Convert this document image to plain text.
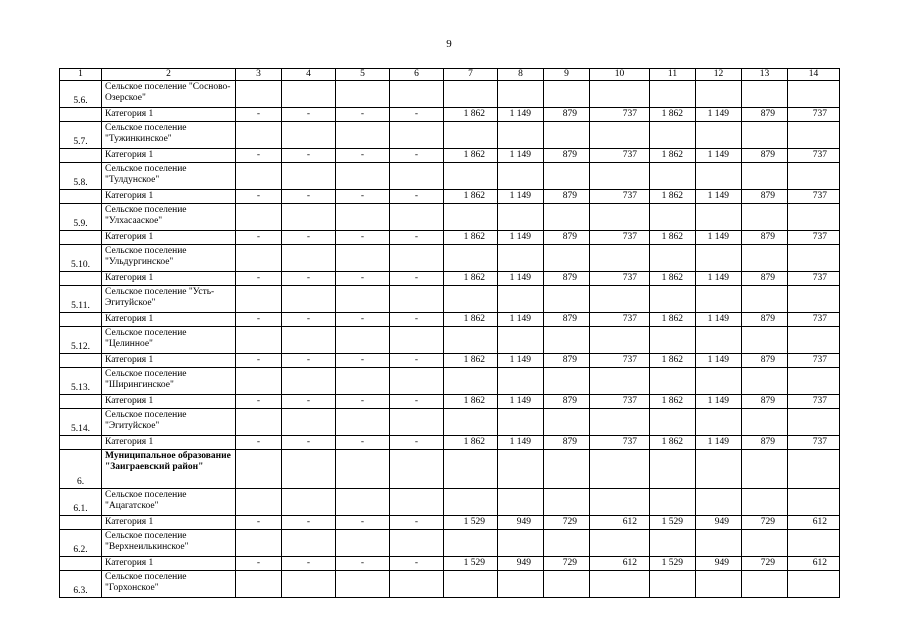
9
1	2	3	4	5	6	7	8	9	10	11	12	13	14
5.6.	Сельское поселение "Сосново-Озерское"												
	Категория 1	-	-	-	-	1 862	1 149	879	737	1 862	1 149	879	737
5.7.	Сельское поселение "Тужинкинское"												
	Категория 1	-	-	-	-	1 862	1 149	879	737	1 862	1 149	879	737
5.8.	Сельское поселение "Тулдунское"												
	Категория 1	-	-	-	-	1 862	1 149	879	737	1 862	1 149	879	737
5.9.	Сельское поселение "Улхасаaское"												
	Категория 1	-	-	-	-	1 862	1 149	879	737	1 862	1 149	879	737
5.10.	Сельское поселение "Ульдургинское"												
	Категория 1	-	-	-	-	1 862	1 149	879	737	1 862	1 149	879	737
5.11.	Сельское поселение "Усть-Эгитуйское"												
	Категория 1	-	-	-	-	1 862	1 149	879	737	1 862	1 149	879	737
5.12.	Сельское поселение "Целинное"												
	Категория 1	-	-	-	-	1 862	1 149	879	737	1 862	1 149	879	737
5.13.	Сельское поселение "Ширингинское"												
	Категория 1	-	-	-	-	1 862	1 149	879	737	1 862	1 149	879	737
5.14.	Сельское поселение "Эгитуйское"												
	Категория 1	-	-	-	-	1 862	1 149	879	737	1 862	1 149	879	737
6.	Муниципальное образование "Заиграевский район"												
6.1.	Сельское поселение "Ацагатское"												
	Категория 1	-	-	-	-	1 529	949	729	612	1 529	949	729	612
6.2.	Сельское поселение "Верхнеилькинское"												
	Категория 1	-	-	-	-	1 529	949	729	612	1 529	949	729	612
6.3.	Сельское поселение "Горхонское"												
